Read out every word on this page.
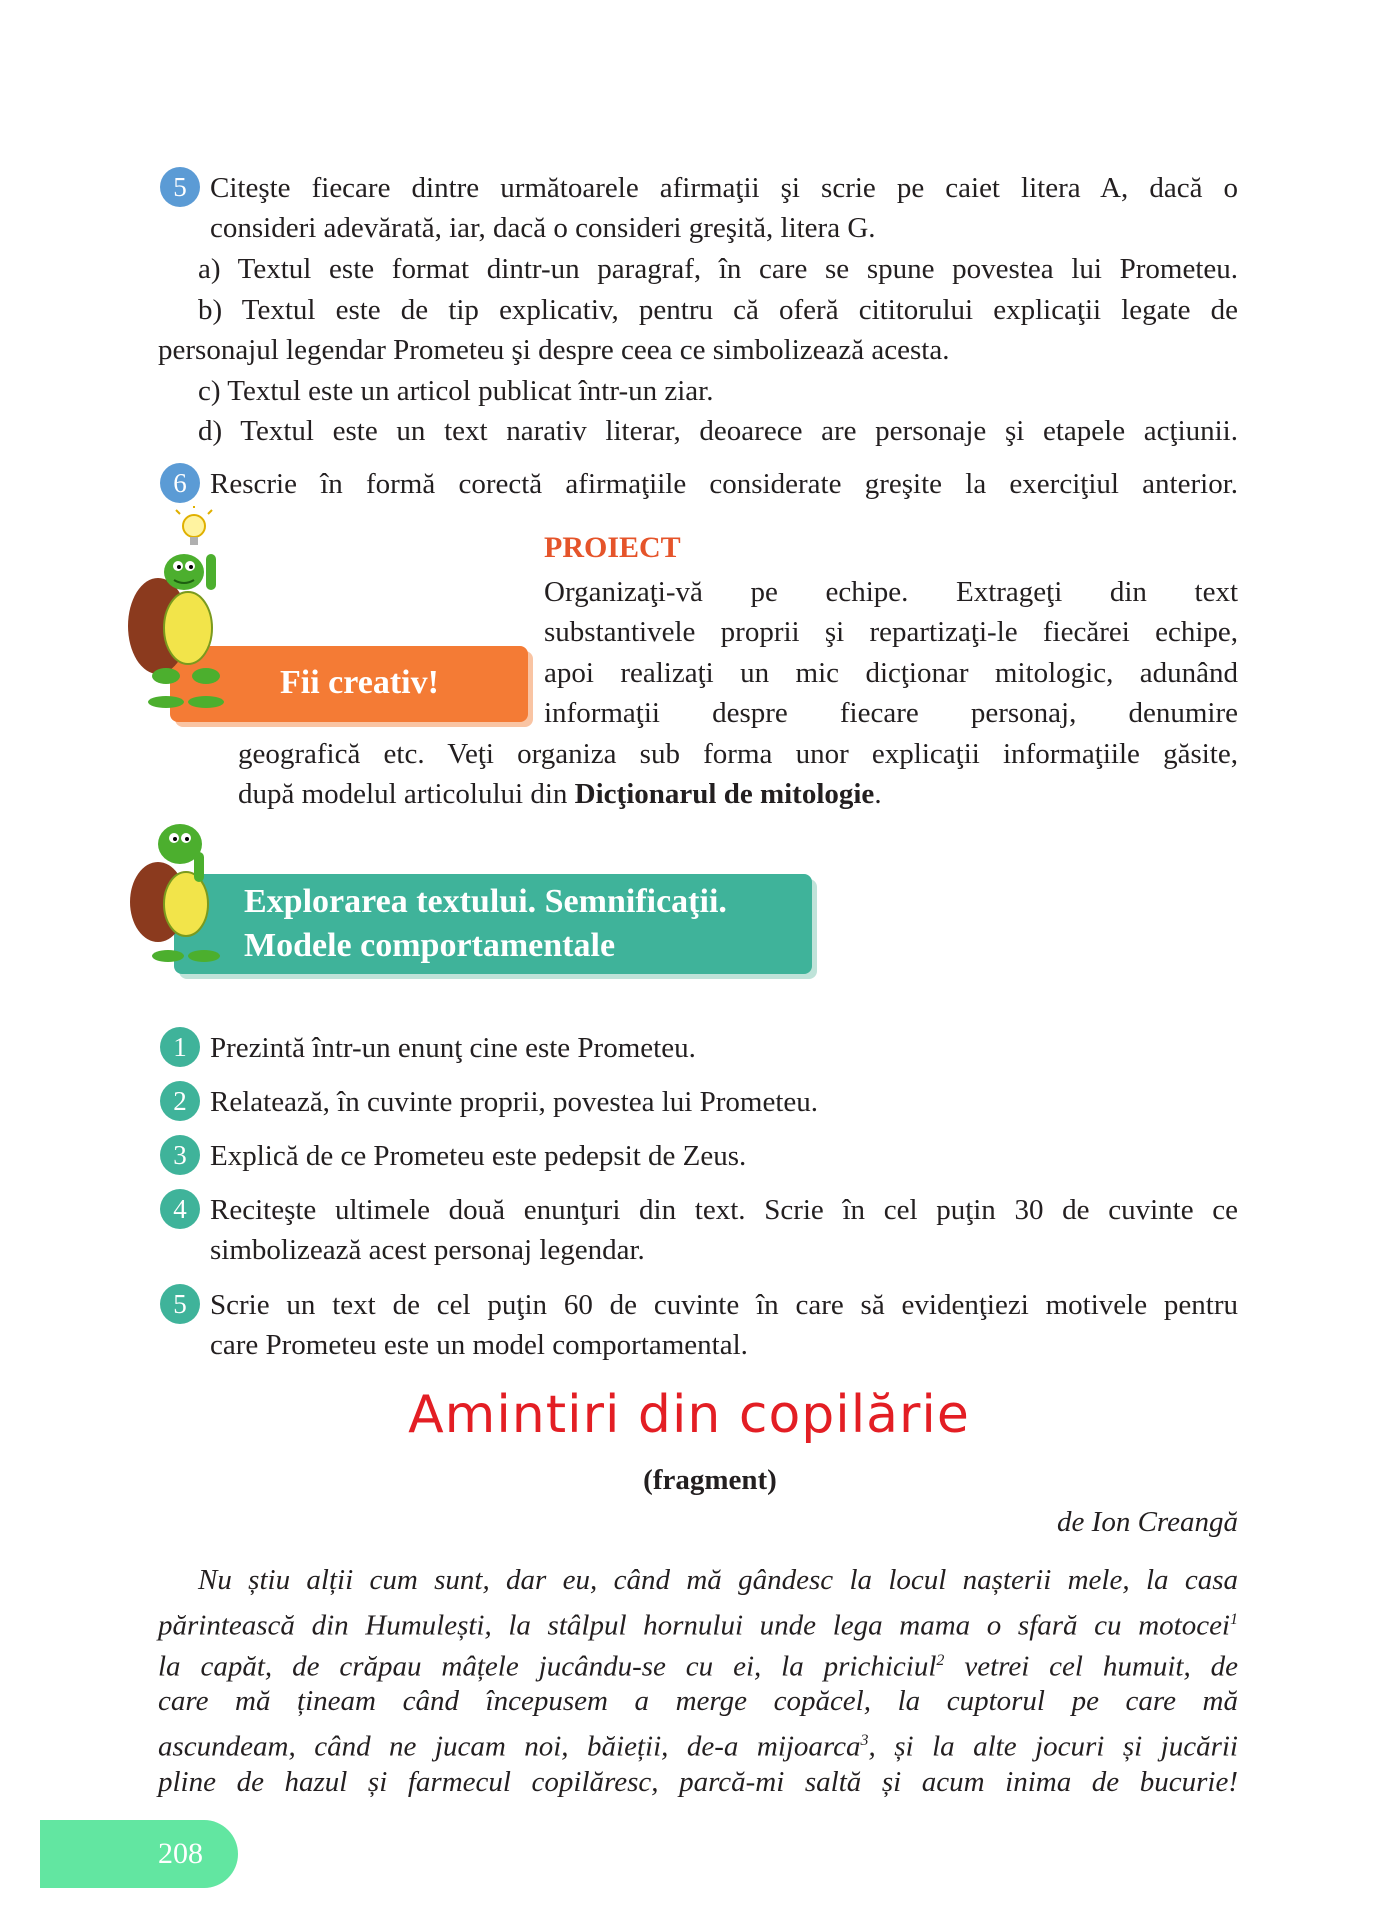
5 Citeşte fiecare dintre următoarele afirmaţii şi scrie pe caiet litera A, dacă o
consideri adevărată, iar, dacă o consideri greşită, litera G.
a) Textul este format dintr-un paragraf, în care se spune povestea lui Prometeu.
b) Textul este de tip explicativ, pentru că oferă cititorului explicaţii legate de
personajul legendar Prometeu şi despre ceea ce simbolizează acesta.
c) Textul este un articol publicat într-un ziar.
d) Textul este un text narativ literar, deoarece are personaje şi etapele acţiunii.
6 Rescrie în formă corectă afirmaţiile considerate greşite la exerciţiul anterior.
Fii creativ!
PROIECT
Organizaţi-vă pe echipe. Extrageţi din text
substantivele proprii şi repartizaţi-le fiecărei echipe,
apoi realizaţi un mic dicţionar mitologic, adunând
informaţii despre fiecare personaj, denumire
geografică etc. Veţi organiza sub forma unor explicaţii informaţiile găsite,
după modelul articolului din Dicţionarul de mitologie.
Explorarea textului. Semnificaţii.
Modele comportamentale
1 Prezintă într-un enunţ cine este Prometeu.
2 Relatează, în cuvinte proprii, povestea lui Prometeu.
3 Explică de ce Prometeu este pedepsit de Zeus.
4 Reciteşte ultimele două enunţuri din text. Scrie în cel puţin 30 de cuvinte ce
simbolizează acest personaj legendar.
5 Scrie un text de cel puţin 60 de cuvinte în care să evidenţiezi motivele pentru
care Prometeu este un model comportamental.
Amintiri din copilărie
(fragment)
de Ion Creangă
Nu știu alții cum sunt, dar eu, când mă gândesc la locul nașterii mele, la casa
părintească din Humulești, la stâlpul hornului unde lega mama o sfară cu motocei$^1$
la capăt, de crăpau mâțele jucându-se cu ei, la prichiciul$^2$ vetrei cel humuit, de
care mă țineam când începusem a merge copăcel, la cuptorul pe care mă
ascundeam, când ne jucam noi, băieții, de-a mijoarca$^3$, și la alte jocuri și jucării
pline de hazul și farmecul copilăresc, parcă-mi saltă și acum inima de bucurie!
208
